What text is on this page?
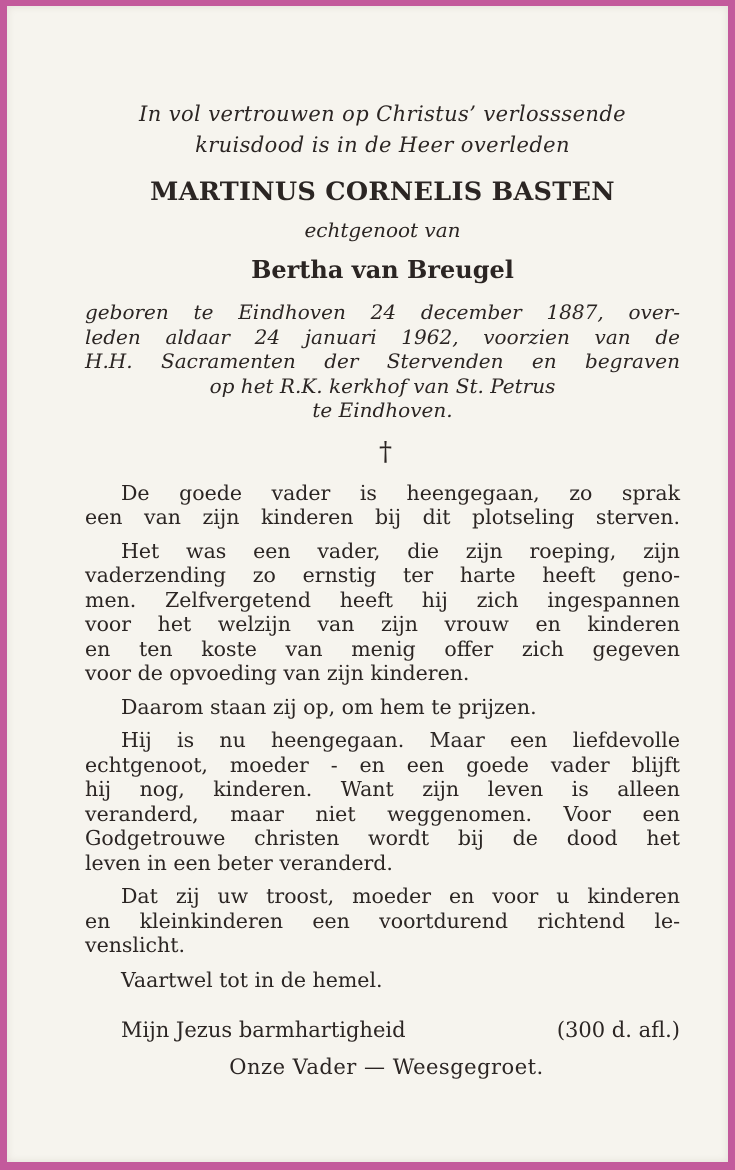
In vol vertrouwen op Christus’ verlosssende
kruisdood is in de Heer overleden

MARTINUS CORNELIS BASTEN

echtgenoot van

Bertha van Breugel

geboren te Eindhoven 24 december 1887, over-
leden aldaar 24 januari 1962, voorzien van de
H.H. Sacramenten der Stervenden en begraven
op het R.K. kerkhof van St. Petrus
te Eindhoven.

†

De goede vader is heengegaan, zo sprak
een van zijn kinderen bij dit plotseling sterven.

Het was een vader, die zijn roeping, zijn
vaderzending zo ernstig ter harte heeft geno-
men. Zelfvergetend heeft hij zich ingespannen
voor het welzijn van zijn vrouw en kinderen
en ten koste van menig offer zich gegeven
voor de opvoeding van zijn kinderen.

Daarom staan zij op, om hem te prijzen.

Hij is nu heengegaan. Maar een liefdevolle
echtgenoot, moeder - en een goede vader blijft
hij nog, kinderen. Want zijn leven is alleen
veranderd, maar niet weggenomen. Voor een
Godgetrouwe christen wordt bij de dood het
leven in een beter veranderd.

Dat zij uw troost, moeder en voor u kinderen
en kleinkinderen een voortdurend richtend le-
venslicht.

Vaartwel tot in de hemel.

Mijn Jezus barmhartigheid	(300 d. afl.)
Onze Vader — Weesgegroet.
